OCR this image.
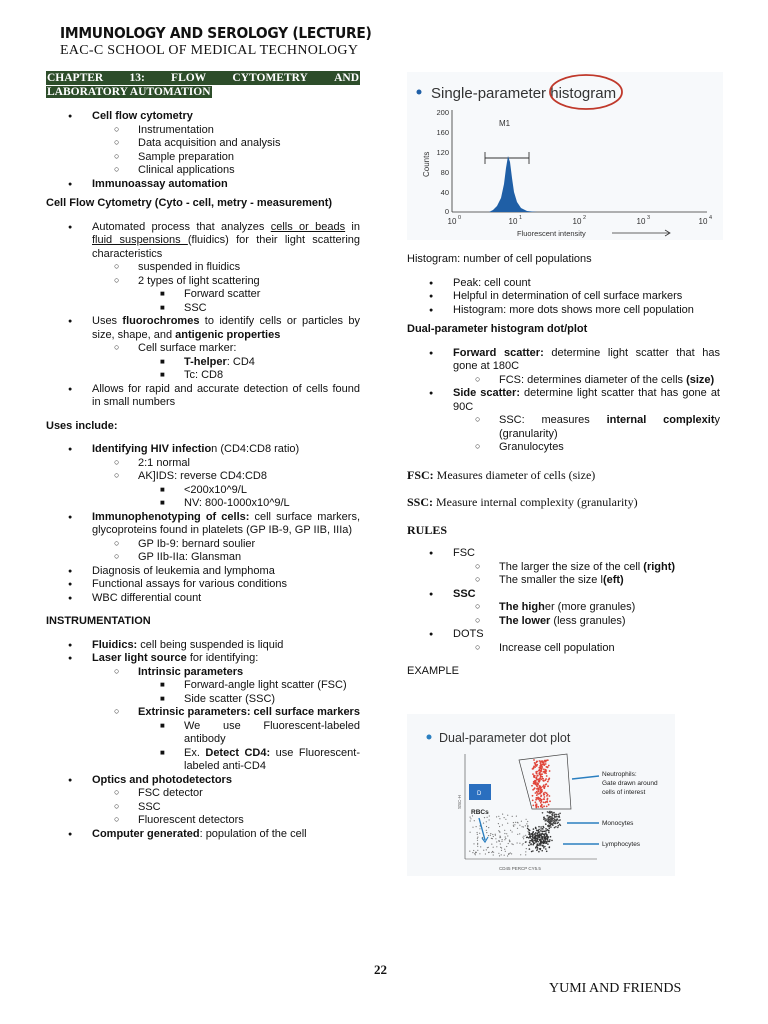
IMMUNOLOGY AND SEROLOGY (LECTURE)
EAC-C SCHOOL OF MEDICAL TECHNOLOGY
CHAPTER 13: FLOW CYTOMETRY AND
LABORATORY AUTOMATION
● Cell flow cytometry
○ Instrumentation
○ Data acquisition and analysis
○ Sample preparation
○ Clinical applications
● Immunoassay automation
Cell Flow Cytometry (Cyto - cell, metry - measurement)
● Automated process that analyzes cells or beads in fluid suspensions (fluidics) for their light scattering characteristics
○ suspended in fluidics
○ 2 types of light scattering
■ Forward scatter
■ SSC
● Uses fluorochromes to identify cells or particles by size, shape, and antigenic properties
○ Cell surface marker:
■ T-helper: CD4
■ Tc: CD8
● Allows for rapid and accurate detection of cells found in small numbers
Uses include:
● Identifying HIV infection (CD4:CD8 ratio)
○ 2:1 normal
○ AK]IDS: reverse CD4:CD8
■ <200x10^9/L
■ NV: 800-1000x10^9/L
● Immunophenotyping of cells: cell surface markers, glycoproteins found in platelets (GP IB-9, GP IIB, IIIa)
○ GP Ib-9: bernard soulier
○ GP IIb-IIa: Glansman
● Diagnosis of leukemia and lymphoma
● Functional assays for various conditions
● WBC differential count
INSTRUMENTATION
● Fluidics: cell being suspended is liquid
● Laser light source for identifying:
○ Intrinsic parameters
■ Forward-angle light scatter (FSC)
■ Side scatter (SSC)
○ Extrinsic parameters: cell surface markers
■ We use Fluorescent-labeled antibody
■ Ex. Detect CD4: use Fluorescent-labeled anti-CD4
● Optics and photodetectors
○ FSC detector
○ SSC
○ Fluorescent detectors
● Computer generated: population of the cell
Single-parameter histogram
Counts
0
40
80
120
160
200
10	10	10	10	10
0	1	2	3	4
Fluorescent intensity
M1
Histogram: number of cell populations
● Peak: cell count
● Helpful in determination of cell surface markers
● Histogram: more dots shows more cell population
Dual-parameter histogram dot/plot
● Forward scatter: determine light scatter that has gone at 180C
○ FCS: determines diameter of the cells (size)
● Side scatter: determine light scatter that has gone at 90C
○ SSC: measures internal complexity (granularity)
○ Granulocytes
FSC: Measures diameter of cells (size)
SSC: Measure internal complexity (granularity)
RULES
● FSC
○ The larger the size of the cell (right)
○ The smaller the size l(eft)
● SSC
○ The higher (more granules)
○ The lower (less granules)
● DOTS
○ Increase cell population
EXAMPLE
Dual-parameter dot plot
SSC-H
CD45 PERCP CY5.5
D
RBCs
Neutrophils:
Gate drawn around
cells of interest
Monocytes
Lymphocytes
22
YUMI AND FRIENDS
